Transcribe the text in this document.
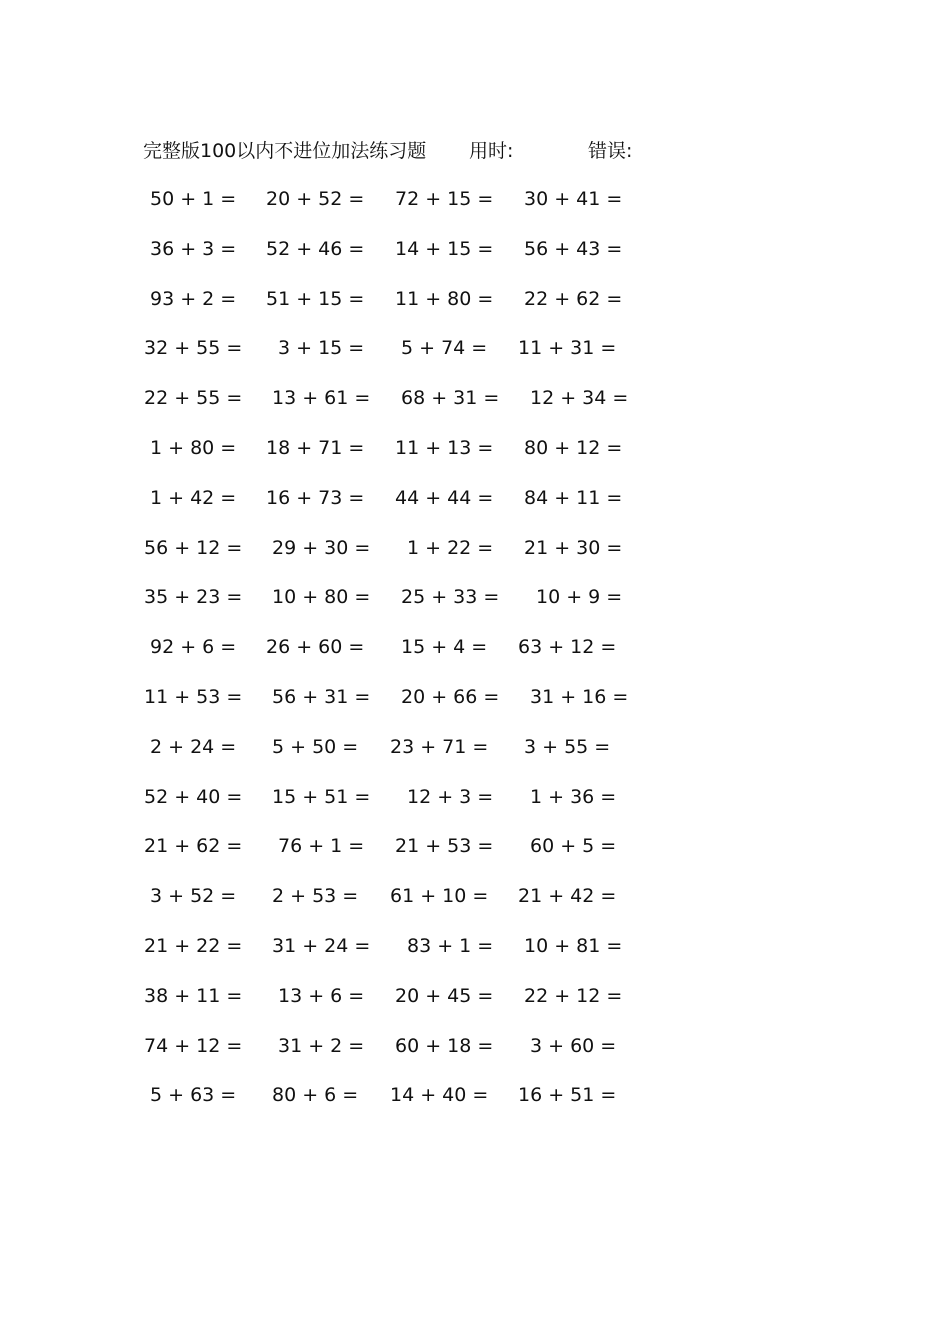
完整版100以内不进位加法练习题 用时:	错误:
50 + 1 = 20 + 52 = 72 + 15 = 30 + 41 =
36 + 3 = 52 + 46 = 14 + 15 = 56 + 43 =
93 + 2 = 51 + 15 = 11 + 80 = 22 + 62 =
32 + 55 = 3 + 15 = 5 + 74 = 11 + 31 =
22 + 55 = 13 + 61 = 68 + 31 = 12 + 34 =
1 + 80 = 18 + 71 = 11 + 13 = 80 + 12 =
1 + 42 = 16 + 73 = 44 + 44 = 84 + 11 =
56 + 12 = 29 + 30 = 1 + 22 = 21 + 30 =
35 + 23 = 10 + 80 = 25 + 33 = 10 + 9 =
92 + 6 = 26 + 60 = 15 + 4 = 63 + 12 =
11 + 53 = 56 + 31 = 20 + 66 = 31 + 16 =
2 + 24 = 5 + 50 = 23 + 71 = 3 + 55 =
52 + 40 = 15 + 51 = 12 + 3 = 1 + 36 =
21 + 62 = 76 + 1 = 21 + 53 = 60 + 5 =
3 + 52 = 2 + 53 = 61 + 10 = 21 + 42 =
21 + 22 = 31 + 24 = 83 + 1 = 10 + 81 =
38 + 11 = 13 + 6 = 20 + 45 = 22 + 12 =
74 + 12 = 31 + 2 = 60 + 18 = 3 + 60 =
5 + 63 = 80 + 6 = 14 + 40 = 16 + 51 =
